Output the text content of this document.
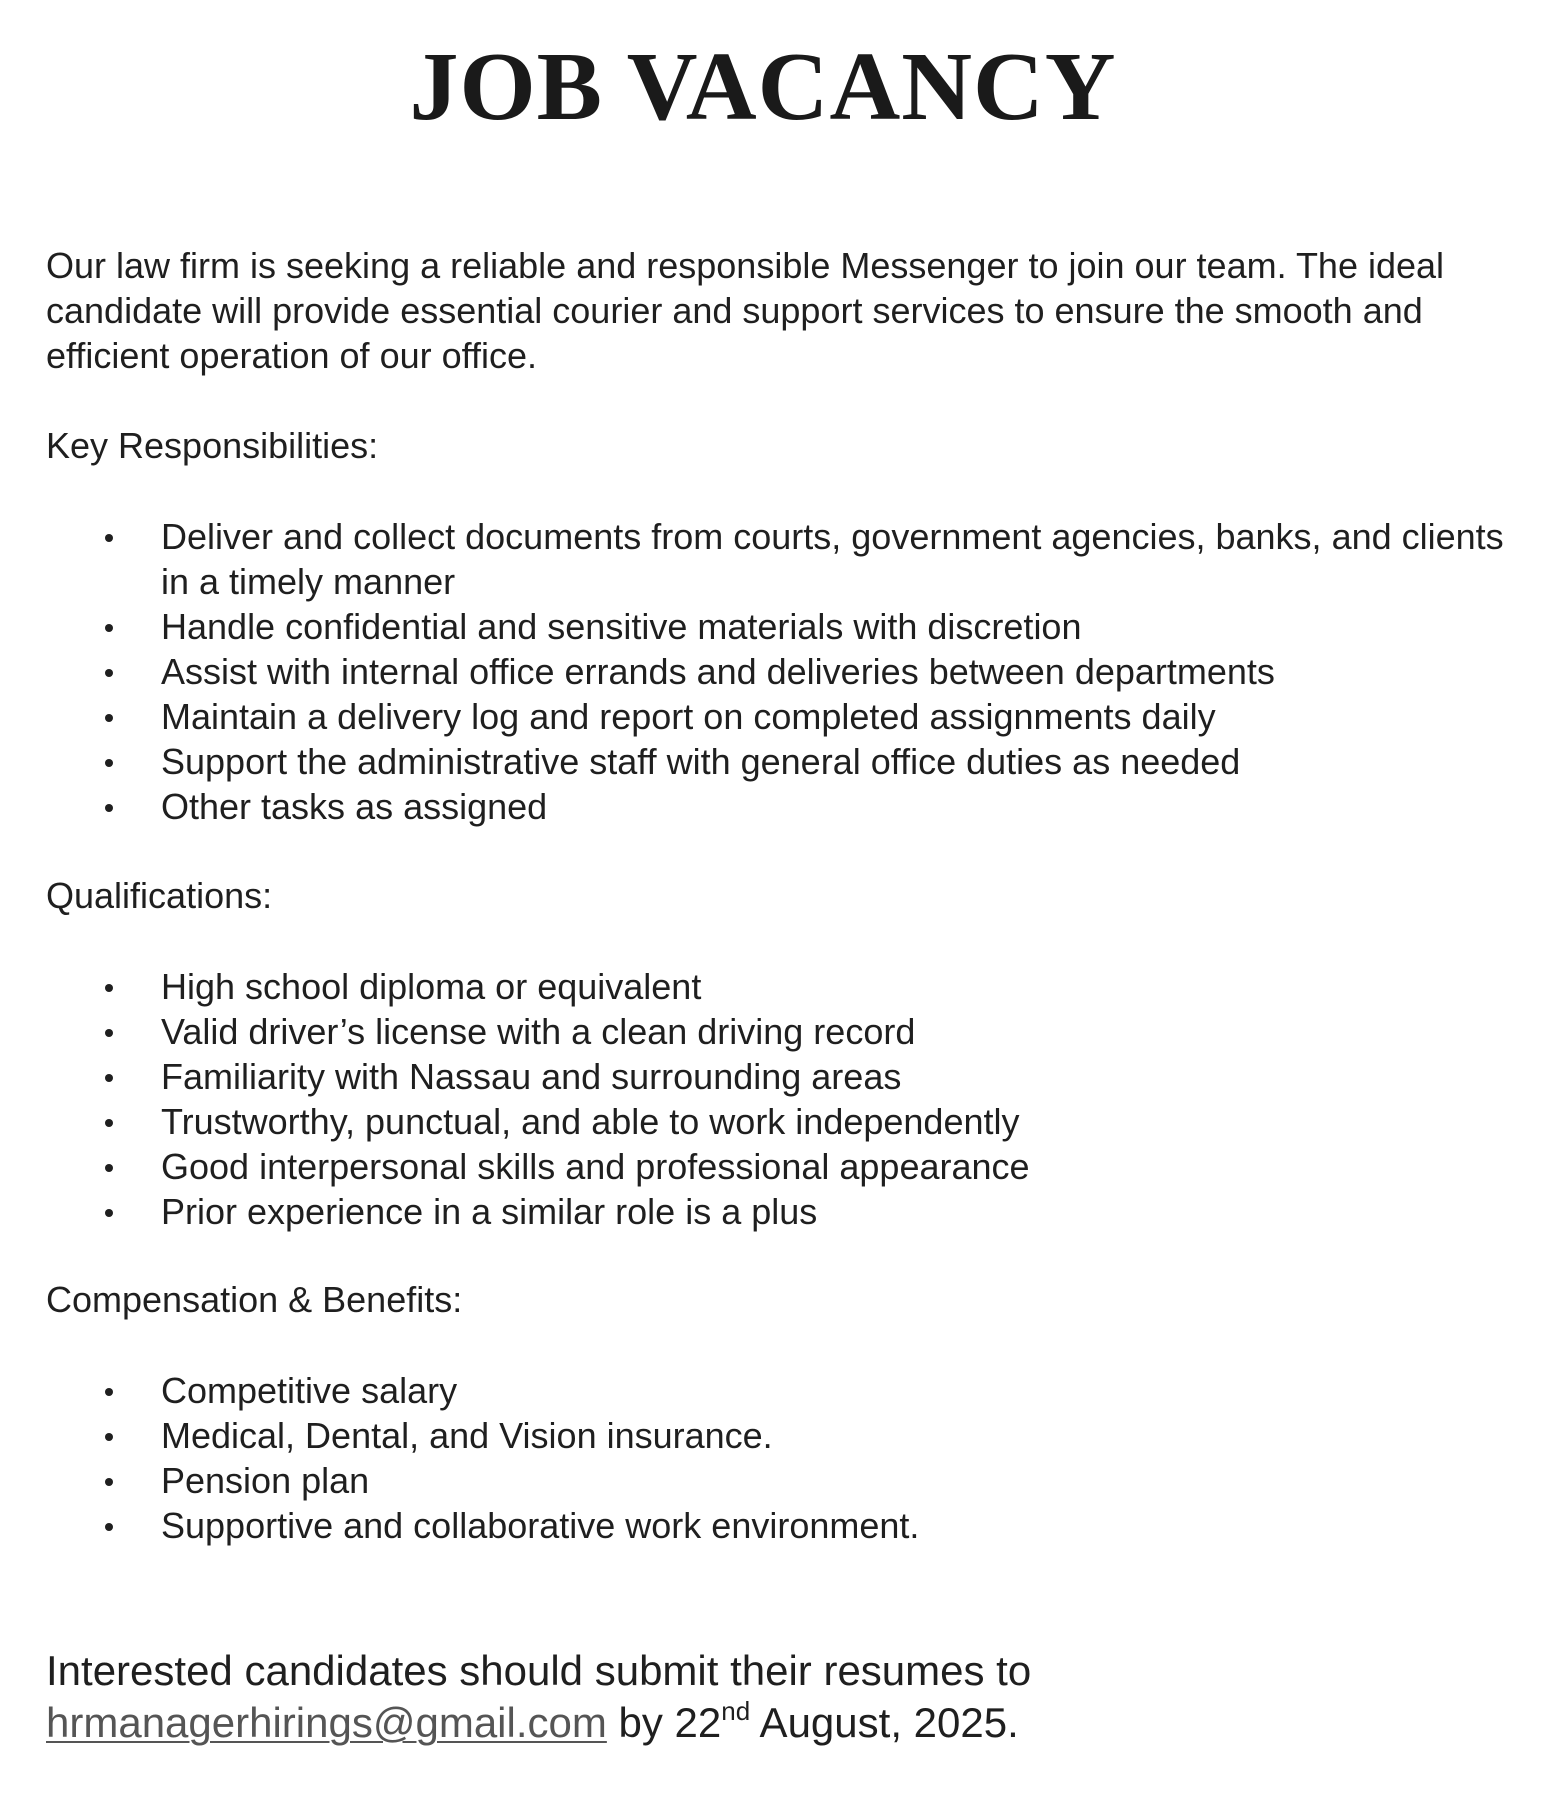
JOB VACANCY

Our law firm is seeking a reliable and responsible Messenger to join our team. The ideal candidate will provide essential courier and support services to ensure the smooth and efficient operation of our office.

Key Responsibilities:
Deliver and collect documents from courts, government agencies, banks, and clients in a timely manner
Handle confidential and sensitive materials with discretion
Assist with internal office errands and deliveries between departments
Maintain a delivery log and report on completed assignments daily
Support the administrative staff with general office duties as needed
Other tasks as assigned
Qualifications:
High school diploma or equivalent
Valid driver’s license with a clean driving record
Familiarity with Nassau and surrounding areas
Trustworthy, punctual, and able to work independently
Good interpersonal skills and professional appearance
Prior experience in a similar role is a plus
Compensation & Benefits:
Competitive salary
Medical, Dental, and Vision insurance.
Pension plan
Supportive and collaborative work environment.

Interested candidates should submit their resumes to
hrmanagerhirings@gmail.com by 22nd August, 2025.
